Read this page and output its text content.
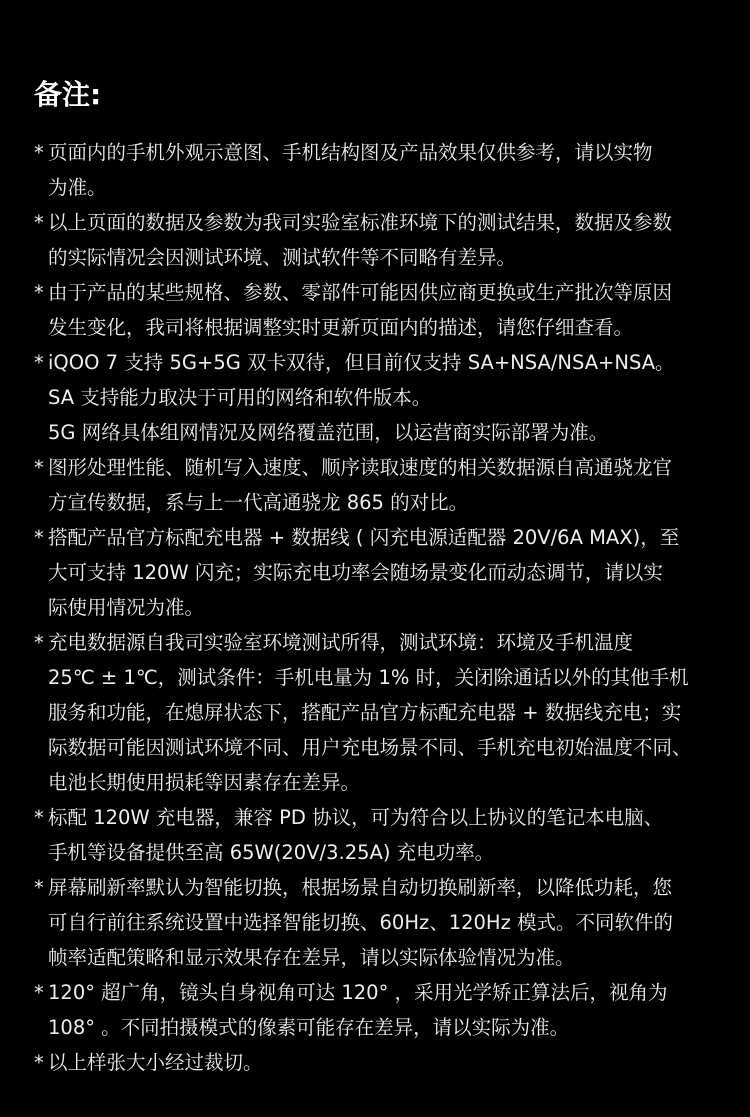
备注:
* 页面内的手机外观示意图、手机结构图及产品效果仅供参考，请以实物
为准。
* 以上页面的数据及参数为我司实验室标准环境下的测试结果，数据及参数
的实际情况会因测试环境、测试软件等不同略有差异。
* 由于产品的某些规格、参数、零部件可能因供应商更换或生产批次等原因
发生变化，我司将根据调整实时更新页面内的描述，请您仔细查看。
* iQOO 7 支持 5G+5G 双卡双待，但目前仅支持 SA+NSA/NSA+NSA。
SA 支持能力取决于可用的网络和软件版本。
5G 网络具体组网情况及网络覆盖范围，以运营商实际部署为准。
* 图形处理性能、随机写入速度、顺序读取速度的相关数据源自高通骁龙官
方宣传数据，系与上一代高通骁龙 865 的对比。
* 搭配产品官方标配充电器 + 数据线 ( 闪充电源适配器 20V/6A MAX)，至
大可支持 120W 闪充；实际充电功率会随场景变化而动态调节，请以实
际使用情况为准。
* 充电数据源自我司实验室环境测试所得，测试环境：环境及手机温度
25℃ ± 1℃，测试条件：手机电量为 1% 时，关闭除通话以外的其他手机
服务和功能，在熄屏状态下，搭配产品官方标配充电器 + 数据线充电；实
际数据可能因测试环境不同、用户充电场景不同、手机充电初始温度不同、
电池长期使用损耗等因素存在差异。
* 标配 120W 充电器，兼容 PD 协议，可为符合以上协议的笔记本电脑、
手机等设备提供至高 65W(20V/3.25A) 充电功率。
* 屏幕刷新率默认为智能切换，根据场景自动切换刷新率，以降低功耗，您
可自行前往系统设置中选择智能切换、60Hz、120Hz 模式。不同软件的
帧率适配策略和显示效果存在差异，请以实际体验情况为准。
* 120° 超广角，镜头自身视角可达 120° ，采用光学矫正算法后，视角为
108° 。不同拍摄模式的像素可能存在差异，请以实际为准。
* 以上样张大小经过裁切。
